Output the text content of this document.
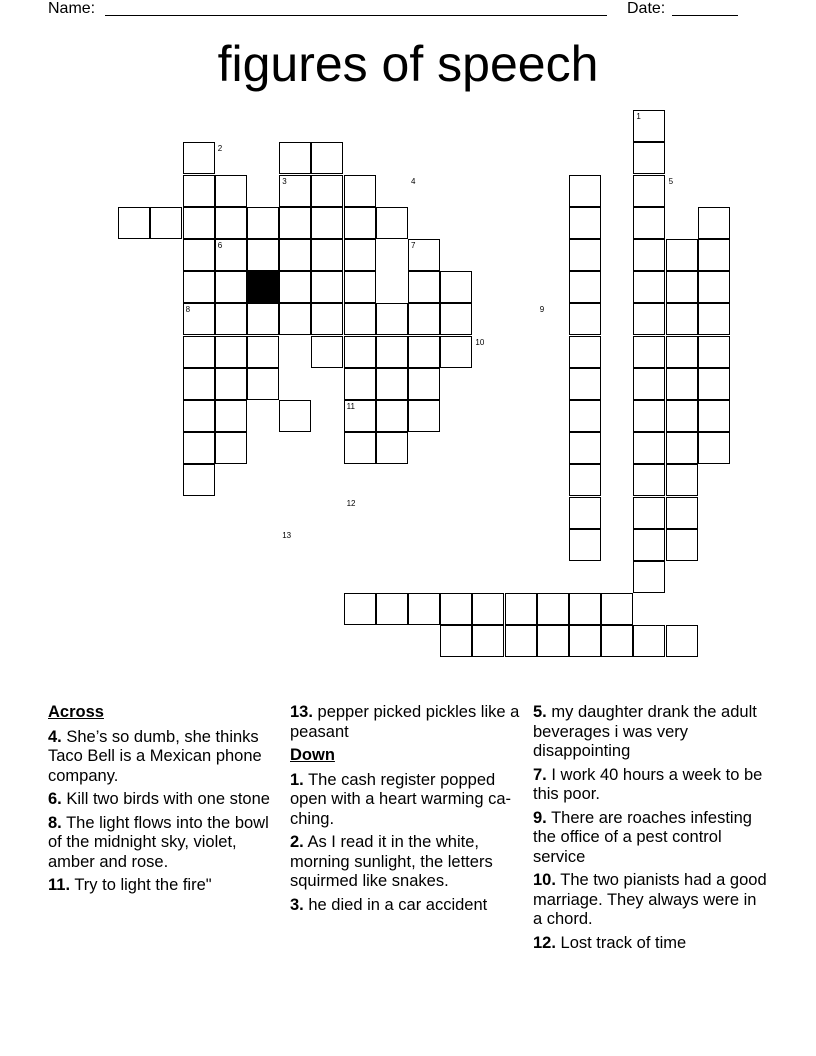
Name:	Date:
figures of speech
1
2
3	4	5
6	7
8	9
10
11
12
13
Across
4. She’s so dumb, she thinks Taco Bell is a Mexican phone company.
6. Kill two birds with one stone
8. The light flows into the bowl of the midnight sky, violet, amber and rose.
11. Try to light the fire"
13. pepper picked pickles like a peasant
Down
1. The cash register popped open with a heart warming ca-ching.
2. As I read it in the white, morning sunlight, the letters squirmed like snakes.
3. he died in a car accident
5. my daughter drank the adult beverages i was very disappointing
7. I work 40 hours a week to be this poor.
9. There are roaches infesting the office of a pest control service
10. The two pianists had a good marriage. They always were in a chord.
12. Lost track of time
